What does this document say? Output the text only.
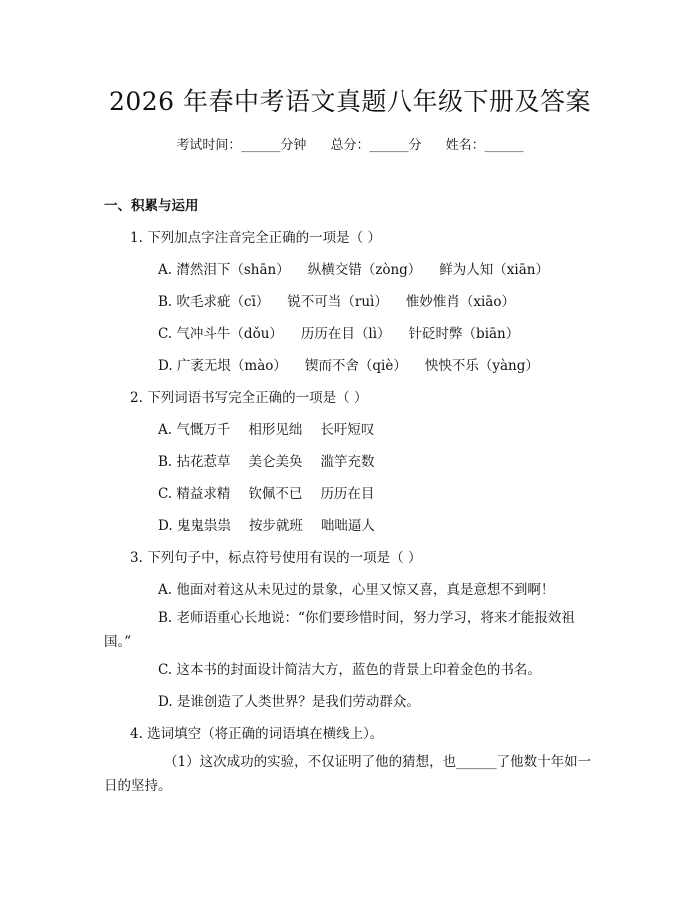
2026 年春中考语文真题八年级下册及答案
考试时间：______分钟 总分：______分 姓名：______
一、积累与运用
1. 下列加点字注音完全正确的一项是（ ）
A. 潸然泪下（shān） 纵横交错（zòng） 鲜为人知（xiān）
B. 吹毛求疵（cī） 锐不可当（ruì） 惟妙惟肖（xiāo）
C. 气冲斗牛（dǒu） 历历在目（lì） 针砭时弊（biān）
D. 广袤无垠（mào） 锲而不舍（qiè） 怏怏不乐（yàng）
2. 下列词语书写完全正确的一项是（ ）
A. 气慨万千 相形见绌 长吁短叹
B. 拈花惹草 美仑美奂 滥竽充数
C. 精益求精 钦佩不已 历历在目
D. 鬼鬼祟祟 按步就班 咄咄逼人
3. 下列句子中，标点符号使用有误的一项是（ ）
A. 他面对着这从未见过的景象，心里又惊又喜，真是意想不到啊！
B. 老师语重心长地说：“你们要珍惜时间，努力学习，将来才能报效祖国。”
C. 这本书的封面设计简洁大方，蓝色的背景上印着金色的书名。
D. 是谁创造了人类世界？是我们劳动群众。
4. 选词填空（将正确的词语填在横线上）。
（1）这次成功的实验，不仅证明了他的猜想，也______了他数十年如一日的坚持。
